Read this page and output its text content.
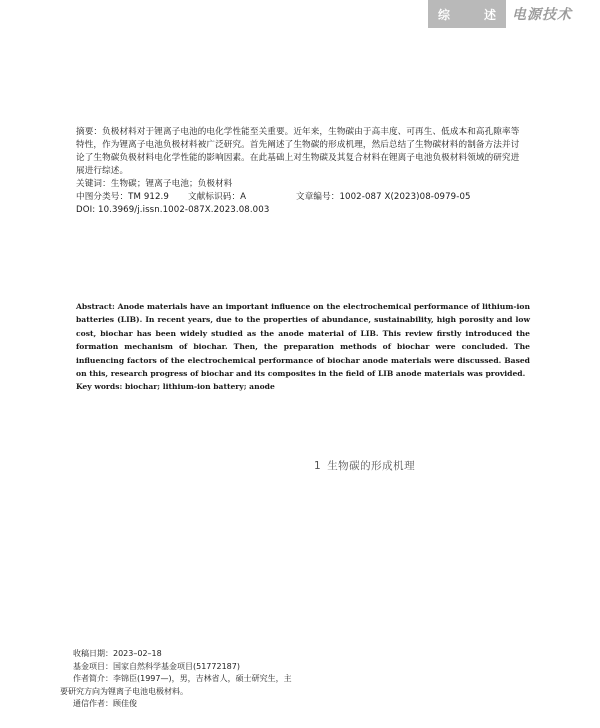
综	述	电源技术

摘要：负极材料对于锂离子电池的电化学性能至关重要。近年来，生物碳由于高丰度、可再生、低成本和高孔隙率等特性，作为锂离子电池负极材料被广泛研究。首先阐述了生物碳的形成机理，然后总结了生物碳材料的制备方法并讨论了生物碳负极材料电化学性能的影响因素。在此基础上对生物碳及其复合材料在锂离子电池负极材料领域的研究进展进行综述。

关键词：生物碳；锂离子电池；负极材料

中图分类号：TM 912.9	文献标识码：A	文章编号：1002-087 X(2023)08-0979-05

DOI: 10.3969/j.issn.1002-087X.2023.08.003

Abstract: Anode materials have an important influence on the electrochemical performance of lithium-ion batteries (LIB). In recent years, due to the properties of abundance, sustainability, high porosity and low cost, biochar has been widely studied as the anode material of LIB. This review firstly introduced the formation mechanism of biochar. Then, the preparation methods of biochar were concluded. The influencing factors of the electrochemical performance of biochar anode materials were discussed. Based on this, research progress of biochar and its composites in the field of LIB anode materials was provided.

Key words: biochar; lithium-ion battery; anode

1 生物碳的形成机理

收稿日期：2023–02–18

基金项目：国家自然科学基金项目(51772187)

作者简介：李锦臣(1997—)，男，吉林省人，硕士研究生，主

要研究方向为锂离子电池电极材料。

通信作者：顾佳俊
